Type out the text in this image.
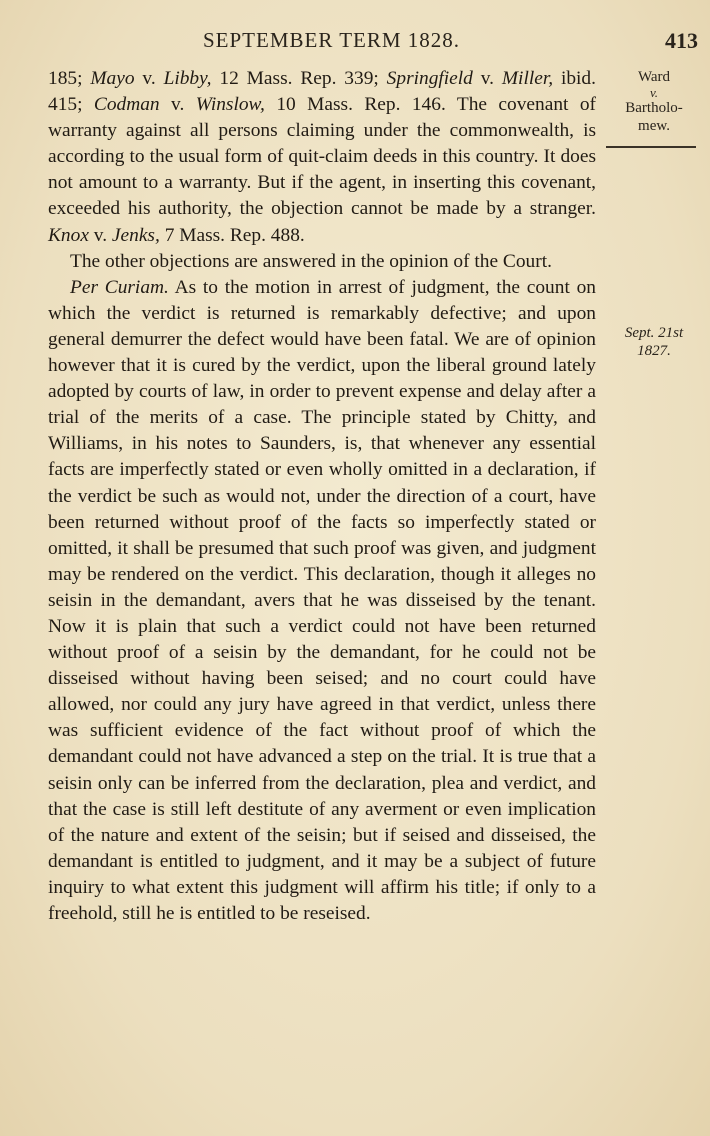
SEPTEMBER TERM 1828.	413
Ward
v.
Bartholo-
mew.
Sept. 21st
1827.

185; Mayo v. Libby, 12 Mass. Rep. 339; Springfield v. Miller, ibid. 415; Codman v. Winslow, 10 Mass. Rep. 146. The covenant of warranty against all persons claiming under the commonwealth, is according to the usual form of quit-claim deeds in this country. It does not amount to a warranty. But if the agent, in inserting this covenant, exceeded his authority, the objection cannot be made by a stranger. Knox v. Jenks, 7 Mass. Rep. 488.

The other objections are answered in the opinion of the Court.

Per Curiam. As to the motion in arrest of judgment, the count on which the verdict is returned is remarkably defective; and upon general demurrer the defect would have been fatal. We are of opinion however that it is cured by the verdict, upon the liberal ground lately adopted by courts of law, in order to prevent expense and delay after a trial of the merits of a case. The principle stated by Chitty, and Williams, in his notes to Saunders, is, that whenever any essential facts are imperfectly stated or even wholly omitted in a declaration, if the verdict be such as would not, under the direction of a court, have been returned without proof of the facts so imperfectly stated or omitted, it shall be presumed that such proof was given, and judgment may be rendered on the verdict. This declaration, though it alleges no seisin in the demandant, avers that he was disseised by the tenant. Now it is plain that such a verdict could not have been returned without proof of a seisin by the demandant, for he could not be disseised without having been seised; and no court could have allowed, nor could any jury have agreed in that verdict, unless there was sufficient evidence of the fact without proof of which the demandant could not have advanced a step on the trial. It is true that a seisin only can be inferred from the declaration, plea and verdict, and that the case is still left destitute of any averment or even implication of the nature and extent of the seisin; but if seised and disseised, the demandant is entitled to judgment, and it may be a subject of future inquiry to what extent this judgment will affirm his title; if only to a freehold, still he is entitled to be reseised.
